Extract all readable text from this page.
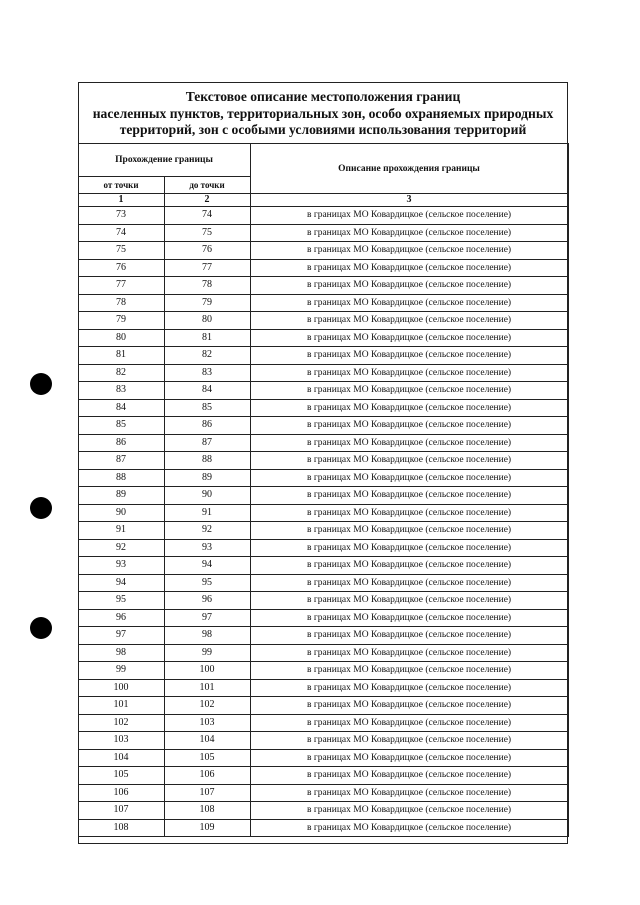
Текстовое описание местоположения границ
населенных пунктов, территориальных зон, особо охраняемых природных
территорий, зон с особыми условиями использования территорий
Прохождение границы		Описание прохождения границы
от точки	до точки	
1	2	3
73	74	в границах МО Ковардицкое (сельское поселение)
74	75	в границах МО Ковардицкое (сельское поселение)
75	76	в границах МО Ковардицкое (сельское поселение)
76	77	в границах МО Ковардицкое (сельское поселение)
77	78	в границах МО Ковардицкое (сельское поселение)
78	79	в границах МО Ковардицкое (сельское поселение)
79	80	в границах МО Ковардицкое (сельское поселение)
80	81	в границах МО Ковардицкое (сельское поселение)
81	82	в границах МО Ковардицкое (сельское поселение)
82	83	в границах МО Ковардицкое (сельское поселение)
83	84	в границах МО Ковардицкое (сельское поселение)
84	85	в границах МО Ковардицкое (сельское поселение)
85	86	в границах МО Ковардицкое (сельское поселение)
86	87	в границах МО Ковардицкое (сельское поселение)
87	88	в границах МО Ковардицкое (сельское поселение)
88	89	в границах МО Ковардицкое (сельское поселение)
89	90	в границах МО Ковардицкое (сельское поселение)
90	91	в границах МО Ковардицкое (сельское поселение)
91	92	в границах МО Ковардицкое (сельское поселение)
92	93	в границах МО Ковардицкое (сельское поселение)
93	94	в границах МО Ковардицкое (сельское поселение)
94	95	в границах МО Ковардицкое (сельское поселение)
95	96	в границах МО Ковардицкое (сельское поселение)
96	97	в границах МО Ковардицкое (сельское поселение)
97	98	в границах МО Ковардицкое (сельское поселение)
98	99	в границах МО Ковардицкое (сельское поселение)
99	100	в границах МО Ковардицкое (сельское поселение)
100	101	в границах МО Ковардицкое (сельское поселение)
101	102	в границах МО Ковардицкое (сельское поселение)
102	103	в границах МО Ковардицкое (сельское поселение)
103	104	в границах МО Ковардицкое (сельское поселение)
104	105	в границах МО Ковардицкое (сельское поселение)
105	106	в границах МО Ковардицкое (сельское поселение)
106	107	в границах МО Ковардицкое (сельское поселение)
107	108	в границах МО Ковардицкое (сельское поселение)
108	109	в границах МО Ковардицкое (сельское поселение)
